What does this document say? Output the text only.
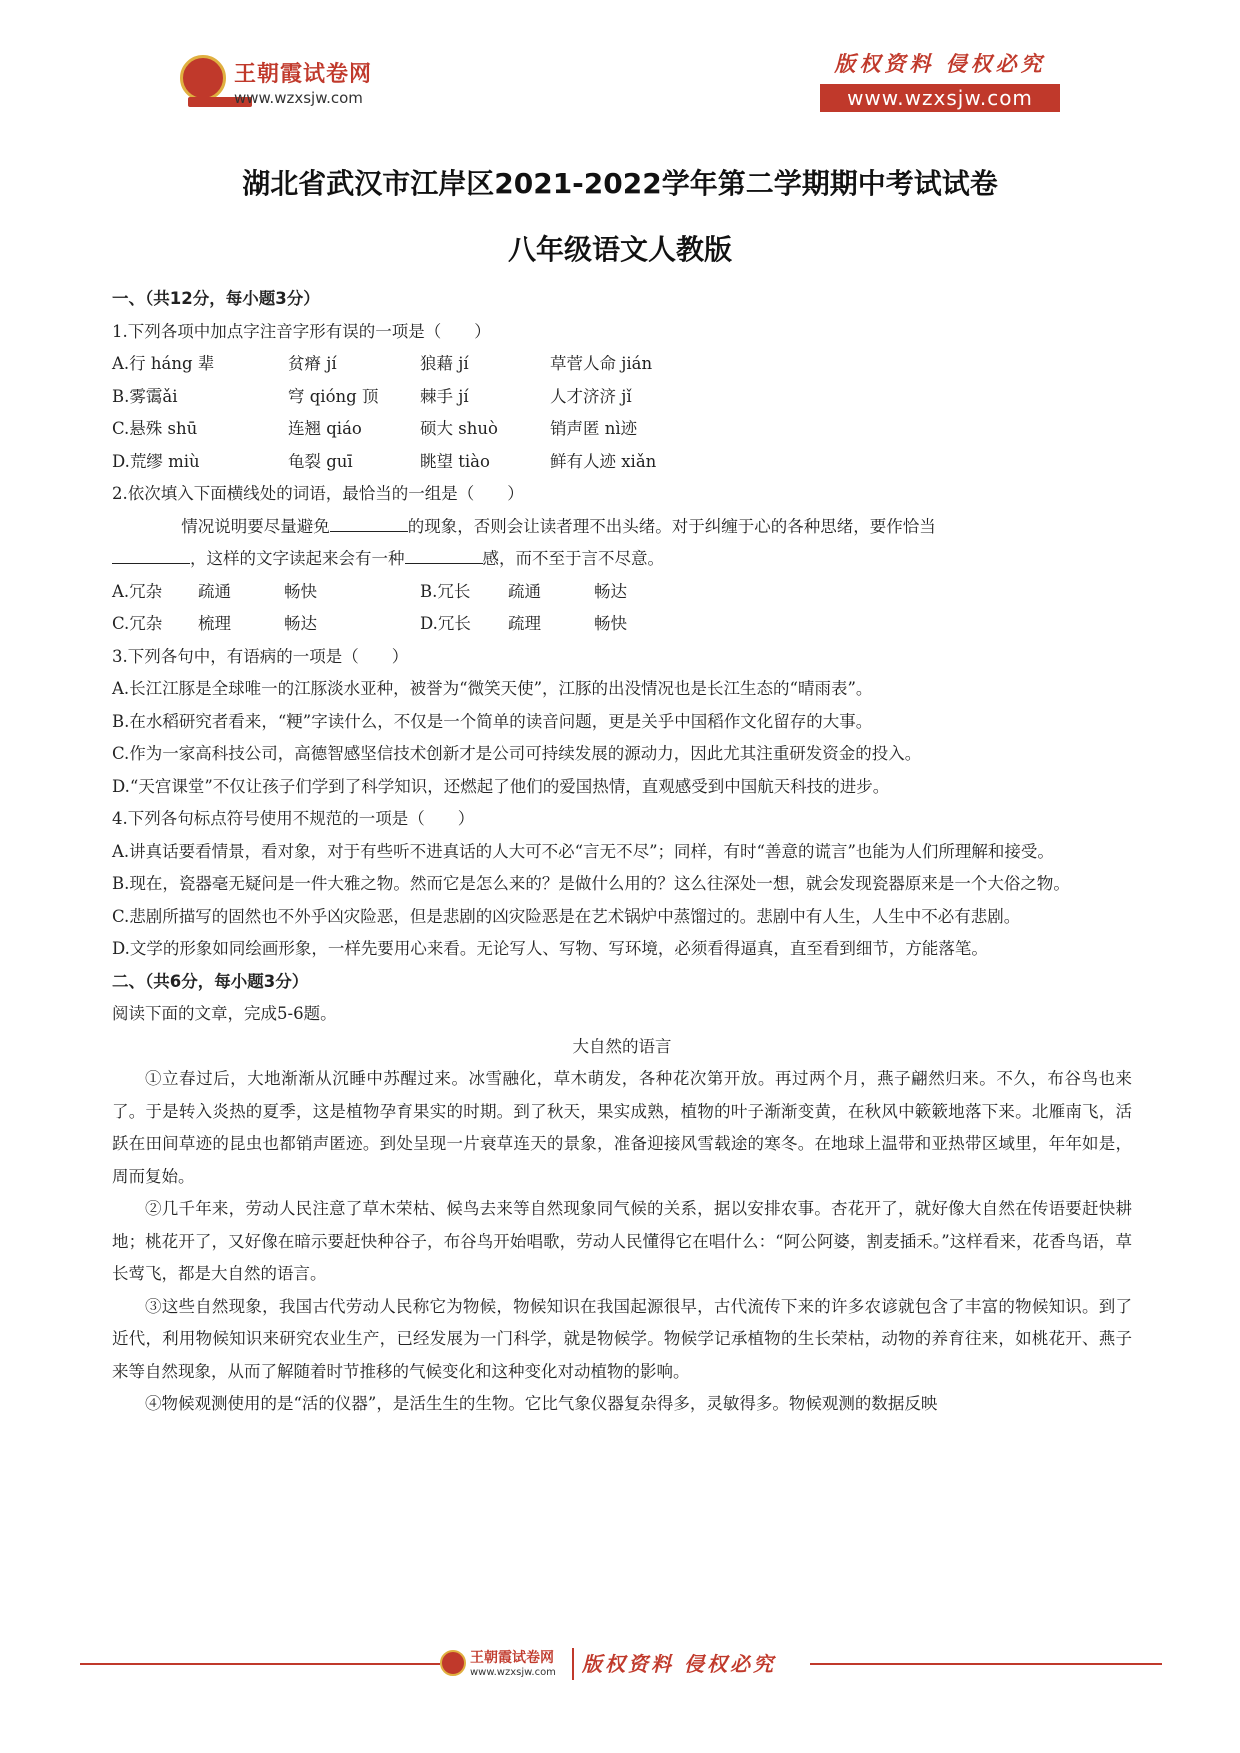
王朝霞试卷网
www.wzxsjw.com
版权资料 侵权必究
www.wzxsjw.com
湖北省武汉市江岸区2021-2022学年第二学期期中考试试卷
八年级语文人教版
一、（共12分，每小题3分）
1.下列各项中加点字注音字形有误的一项是（　　）
A.行 háng 辈	贫瘠 jí	狼藉 jí	草菅人命 jián
B.雾霭ǎi	穹 qióng 顶	棘手 jí	人才济济 jǐ
C.悬殊 shū	连翘 qiáo	硕大 shuò	销声匿 nì迹
D.荒缪 miù	龟裂 guī	眺望 tiào	鲜有人迹 xiǎn
2.依次填入下面横线处的词语，最恰当的一组是（　　）
情况说明要尽量避免	的现象，否则会让读者理不出头绪。对于纠缠于心的各种思绪，要作恰当
，这样的文字读起来会有一种	感，而不至于言不尽意。
A.冗杂	疏通	畅快	B.冗长	疏通	畅达
C.冗杂	梳理	畅达	D.冗长	疏理	畅快
3.下列各句中，有语病的一项是（　　）
A.长江江豚是全球唯一的江豚淡水亚种，被誉为“微笑天使”，江豚的出没情况也是长江生态的“晴雨表”。
B.在水稻研究者看来，“粳”字读什么，不仅是一个简单的读音问题，更是关乎中国稻作文化留存的大事。
C.作为一家高科技公司，高德智感坚信技术创新才是公司可持续发展的源动力，因此尤其注重研发资金的投入。
D.“天宫课堂”不仅让孩子们学到了科学知识，还燃起了他们的爱国热情，直观感受到中国航天科技的进步。
4.下列各句标点符号使用不规范的一项是（　　）
A.讲真话要看情景，看对象，对于有些听不进真话的人大可不必“言无不尽”；同样，有时“善意的谎言”也能为人们所理解和接受。
B.现在，瓷器毫无疑问是一件大雅之物。然而它是怎么来的？是做什么用的？这么往深处一想，就会发现瓷器原来是一个大俗之物。
C.悲剧所描写的固然也不外乎凶灾险恶，但是悲剧的凶灾险恶是在艺术锅炉中蒸馏过的。悲剧中有人生，人生中不必有悲剧。
D.文学的形象如同绘画形象，一样先要用心来看。无论写人、写物、写环境，必须看得逼真，直至看到细节，方能落笔。
二、（共6分，每小题3分）
阅读下面的文章，完成5-6题。
大自然的语言
①立春过后，大地渐渐从沉睡中苏醒过来。冰雪融化，草木萌发，各种花次第开放。再过两个月，燕子翩然归来。不久，布谷鸟也来了。于是转入炎热的夏季，这是植物孕育果实的时期。到了秋天，果实成熟，植物的叶子渐渐变黄，在秋风中簌簌地落下来。北雁南飞，活跃在田间草迹的昆虫也都销声匿迹。到处呈现一片衰草连天的景象，准备迎接风雪载途的寒冬。在地球上温带和亚热带区域里，年年如是，周而复始。
②几千年来，劳动人民注意了草木荣枯、候鸟去来等自然现象同气候的关系，据以安排农事。杏花开了，就好像大自然在传语要赶快耕地；桃花开了，又好像在暗示要赶快种谷子，布谷鸟开始唱歌，劳动人民懂得它在唱什么：“阿公阿婆，割麦插禾。”这样看来，花香鸟语，草长莺飞，都是大自然的语言。
③这些自然现象，我国古代劳动人民称它为物候，物候知识在我国起源很早，古代流传下来的许多农谚就包含了丰富的物候知识。到了近代，利用物候知识来研究农业生产，已经发展为一门科学，就是物候学。物候学记承植物的生长荣枯，动物的养育往来，如桃花开、燕子来等自然现象，从而了解随着时节推移的气候变化和这种变化对动植物的影响。
④物候观测使用的是“活的仪器”，是活生生的生物。它比气象仪器复杂得多，灵敏得多。物候观测的数据反映
王朝霞试卷网
www.wzxsjw.com 版权资料 侵权必究
